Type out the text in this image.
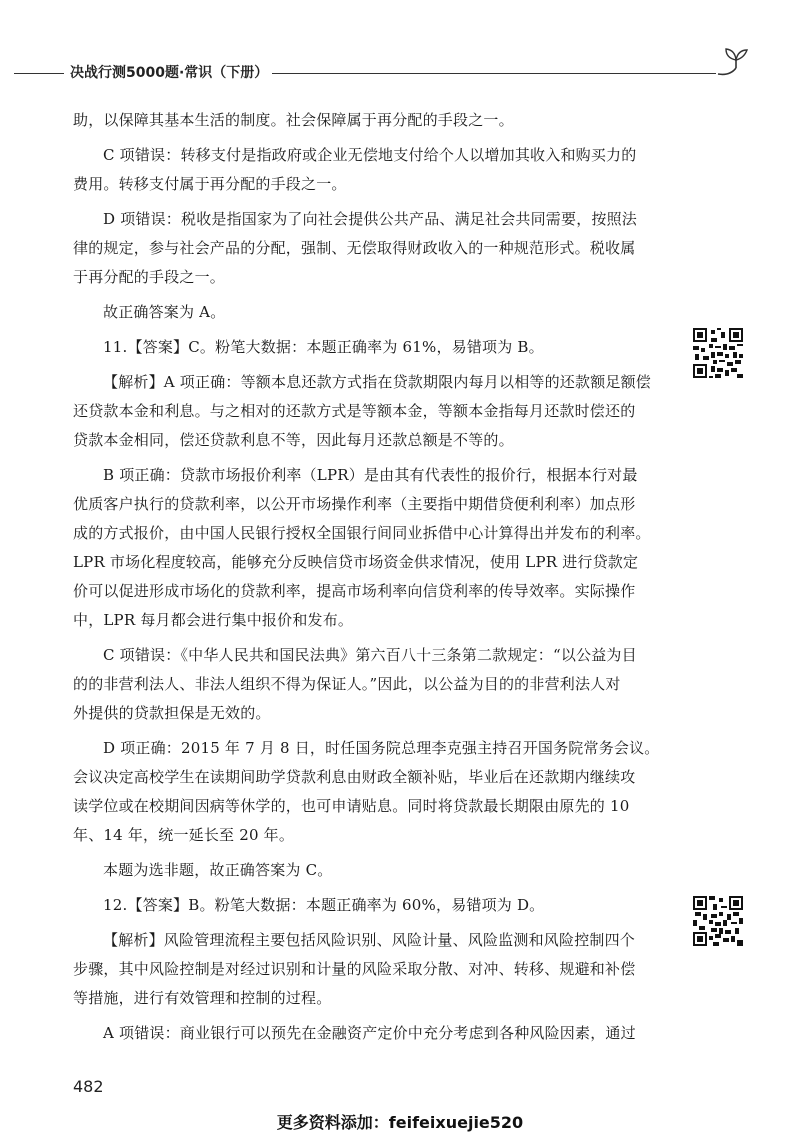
决战行测5000题·常识（下册）
助，以保障其基本生活的制度。社会保障属于再分配的手段之一。
C 项错误：转移支付是指政府或企业无偿地支付给个人以增加其收入和购买力的
费用。转移支付属于再分配的手段之一。
D 项错误：税收是指国家为了向社会提供公共产品、满足社会共同需要，按照法
律的规定，参与社会产品的分配，强制、无偿取得财政收入的一种规范形式。税收属
于再分配的手段之一。
故正确答案为 A。
11.【答案】C。粉笔大数据：本题正确率为 61%，易错项为 B。
【解析】A 项正确：等额本息还款方式指在贷款期限内每月以相等的还款额足额偿
还贷款本金和利息。与之相对的还款方式是等额本金，等额本金指每月还款时偿还的
贷款本金相同，偿还贷款利息不等，因此每月还款总额是不等的。
B 项正确：贷款市场报价利率（LPR）是由其有代表性的报价行，根据本行对最
优质客户执行的贷款利率，以公开市场操作利率（主要指中期借贷便利利率）加点形
成的方式报价，由中国人民银行授权全国银行间同业拆借中心计算得出并发布的利率。
LPR 市场化程度较高，能够充分反映信贷市场资金供求情况，使用 LPR 进行贷款定
价可以促进形成市场化的贷款利率，提高市场利率向信贷利率的传导效率。实际操作
中，LPR 每月都会进行集中报价和发布。
C 项错误：《中华人民共和国民法典》第六百八十三条第二款规定：“以公益为目
的的非营利法人、非法人组织不得为保证人。”因此，以公益为目的的非营利法人对
外提供的贷款担保是无效的。
D 项正确：2015 年 7 月 8 日，时任国务院总理李克强主持召开国务院常务会议。
会议决定高校学生在读期间助学贷款利息由财政全额补贴，毕业后在还款期内继续攻
读学位或在校期间因病等休学的，也可申请贴息。同时将贷款最长期限由原先的 10
年、14 年，统一延长至 20 年。
本题为选非题，故正确答案为 C。
12.【答案】B。粉笔大数据：本题正确率为 60%，易错项为 D。
【解析】风险管理流程主要包括风险识别、风险计量、风险监测和风险控制四个
步骤，其中风险控制是对经过识别和计量的风险采取分散、对冲、转移、规避和补偿
等措施，进行有效管理和控制的过程。
A 项错误：商业银行可以预先在金融资产定价中充分考虑到各种风险因素，通过
482
更多资料添加：feifeixuejie520
